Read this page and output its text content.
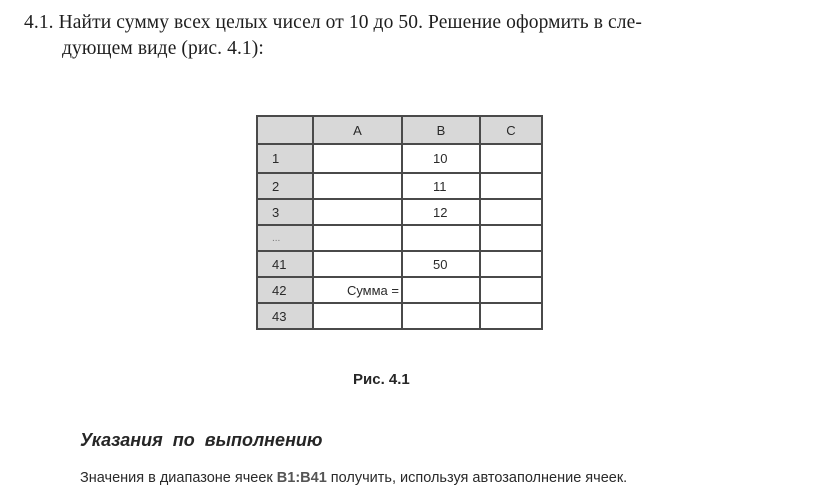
4.1. Найти сумму всех целых чисел от 10 до 50. Решение оформить в сле-
дующем виде (рис. 4.1):
	A	B	C
1		10	
2		11	
3		12	
...			
41		50	
42	Сумма =		
43			
Рис. 4.1
Указания по выполнению
Значения в диапазоне ячеек B1:B41 получить, используя автозаполнение ячеек.
